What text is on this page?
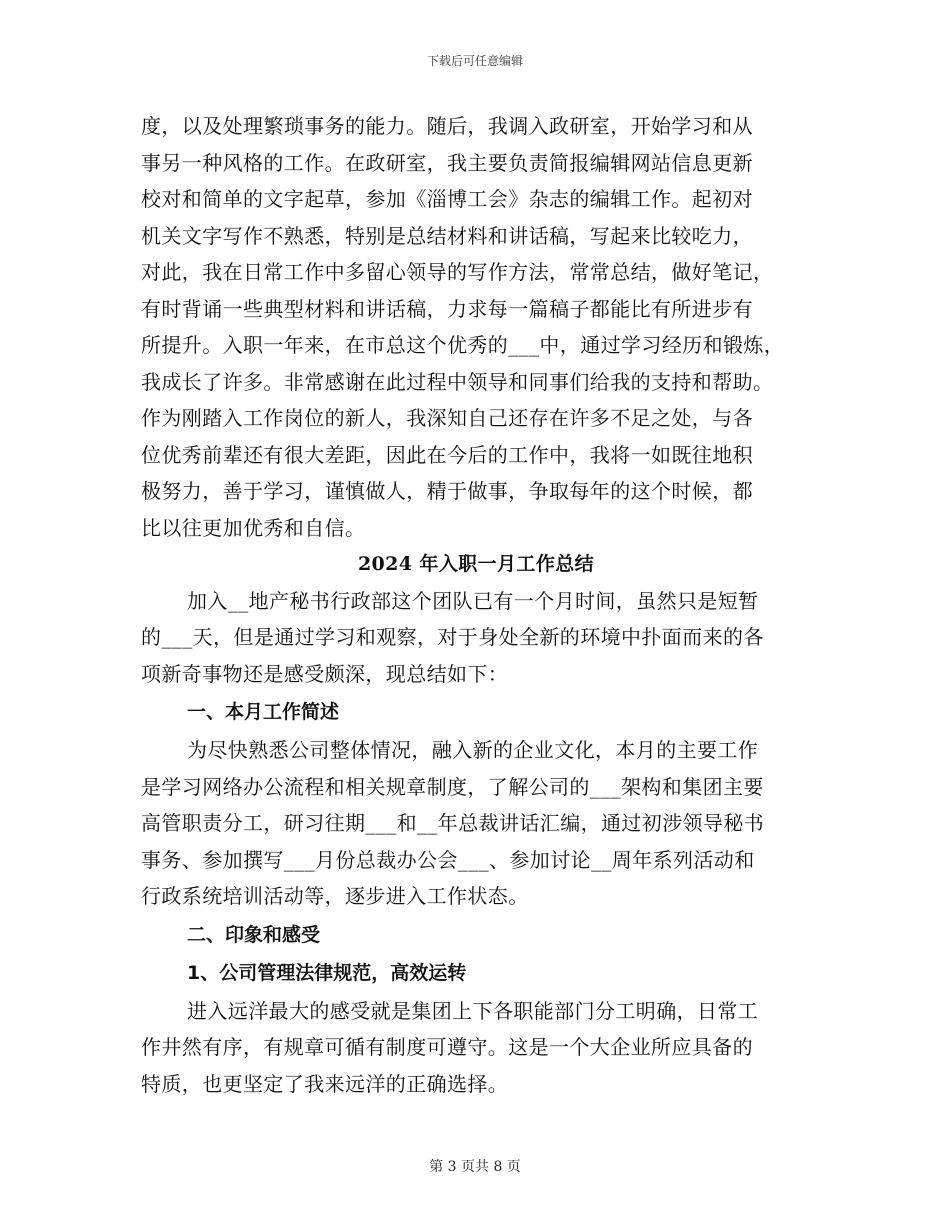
下载后可任意编辑
度，以及处理繁琐事务的能力。随后，我调入政研室，开始学习和从
事另一种风格的工作。在政研室，我主要负责简报编辑网站信息更新
校对和简单的文字起草，参加《淄博工会》杂志的编辑工作。起初对
机关文字写作不熟悉，特别是总结材料和讲话稿，写起来比较吃力，
对此，我在日常工作中多留心领导的写作方法，常常总结，做好笔记，
有时背诵一些典型材料和讲话稿，力求每一篇稿子都能比有所进步有
所提升。入职一年来，在市总这个优秀的___中，通过学习经历和锻炼，
我成长了许多。非常感谢在此过程中领导和同事们给我的支持和帮助。
作为刚踏入工作岗位的新人，我深知自己还存在许多不足之处，与各
位优秀前辈还有很大差距，因此在今后的工作中，我将一如既往地积
极努力，善于学习，谨慎做人，精于做事，争取每年的这个时候，都
比以往更加优秀和自信。
2024 年入职一月工作总结
加入__地产秘书行政部这个团队已有一个月时间，虽然只是短暂
的___天，但是通过学习和观察，对于身处全新的环境中扑面而来的各
项新奇事物还是感受颇深，现总结如下：
一、本月工作简述
为尽快熟悉公司整体情况，融入新的企业文化，本月的主要工作
是学习网络办公流程和相关规章制度，了解公司的___架构和集团主要
高管职责分工，研习往期___和__年总裁讲话汇编，通过初涉领导秘书
事务、参加撰写___月份总裁办公会___、参加讨论__周年系列活动和
行政系统培训活动等，逐步进入工作状态。
二、印象和感受
1、公司管理法律规范，高效运转
进入远洋最大的感受就是集团上下各职能部门分工明确，日常工
作井然有序，有规章可循有制度可遵守。这是一个大企业所应具备的
特质，也更坚定了我来远洋的正确选择。
第 3 页共 8 页
